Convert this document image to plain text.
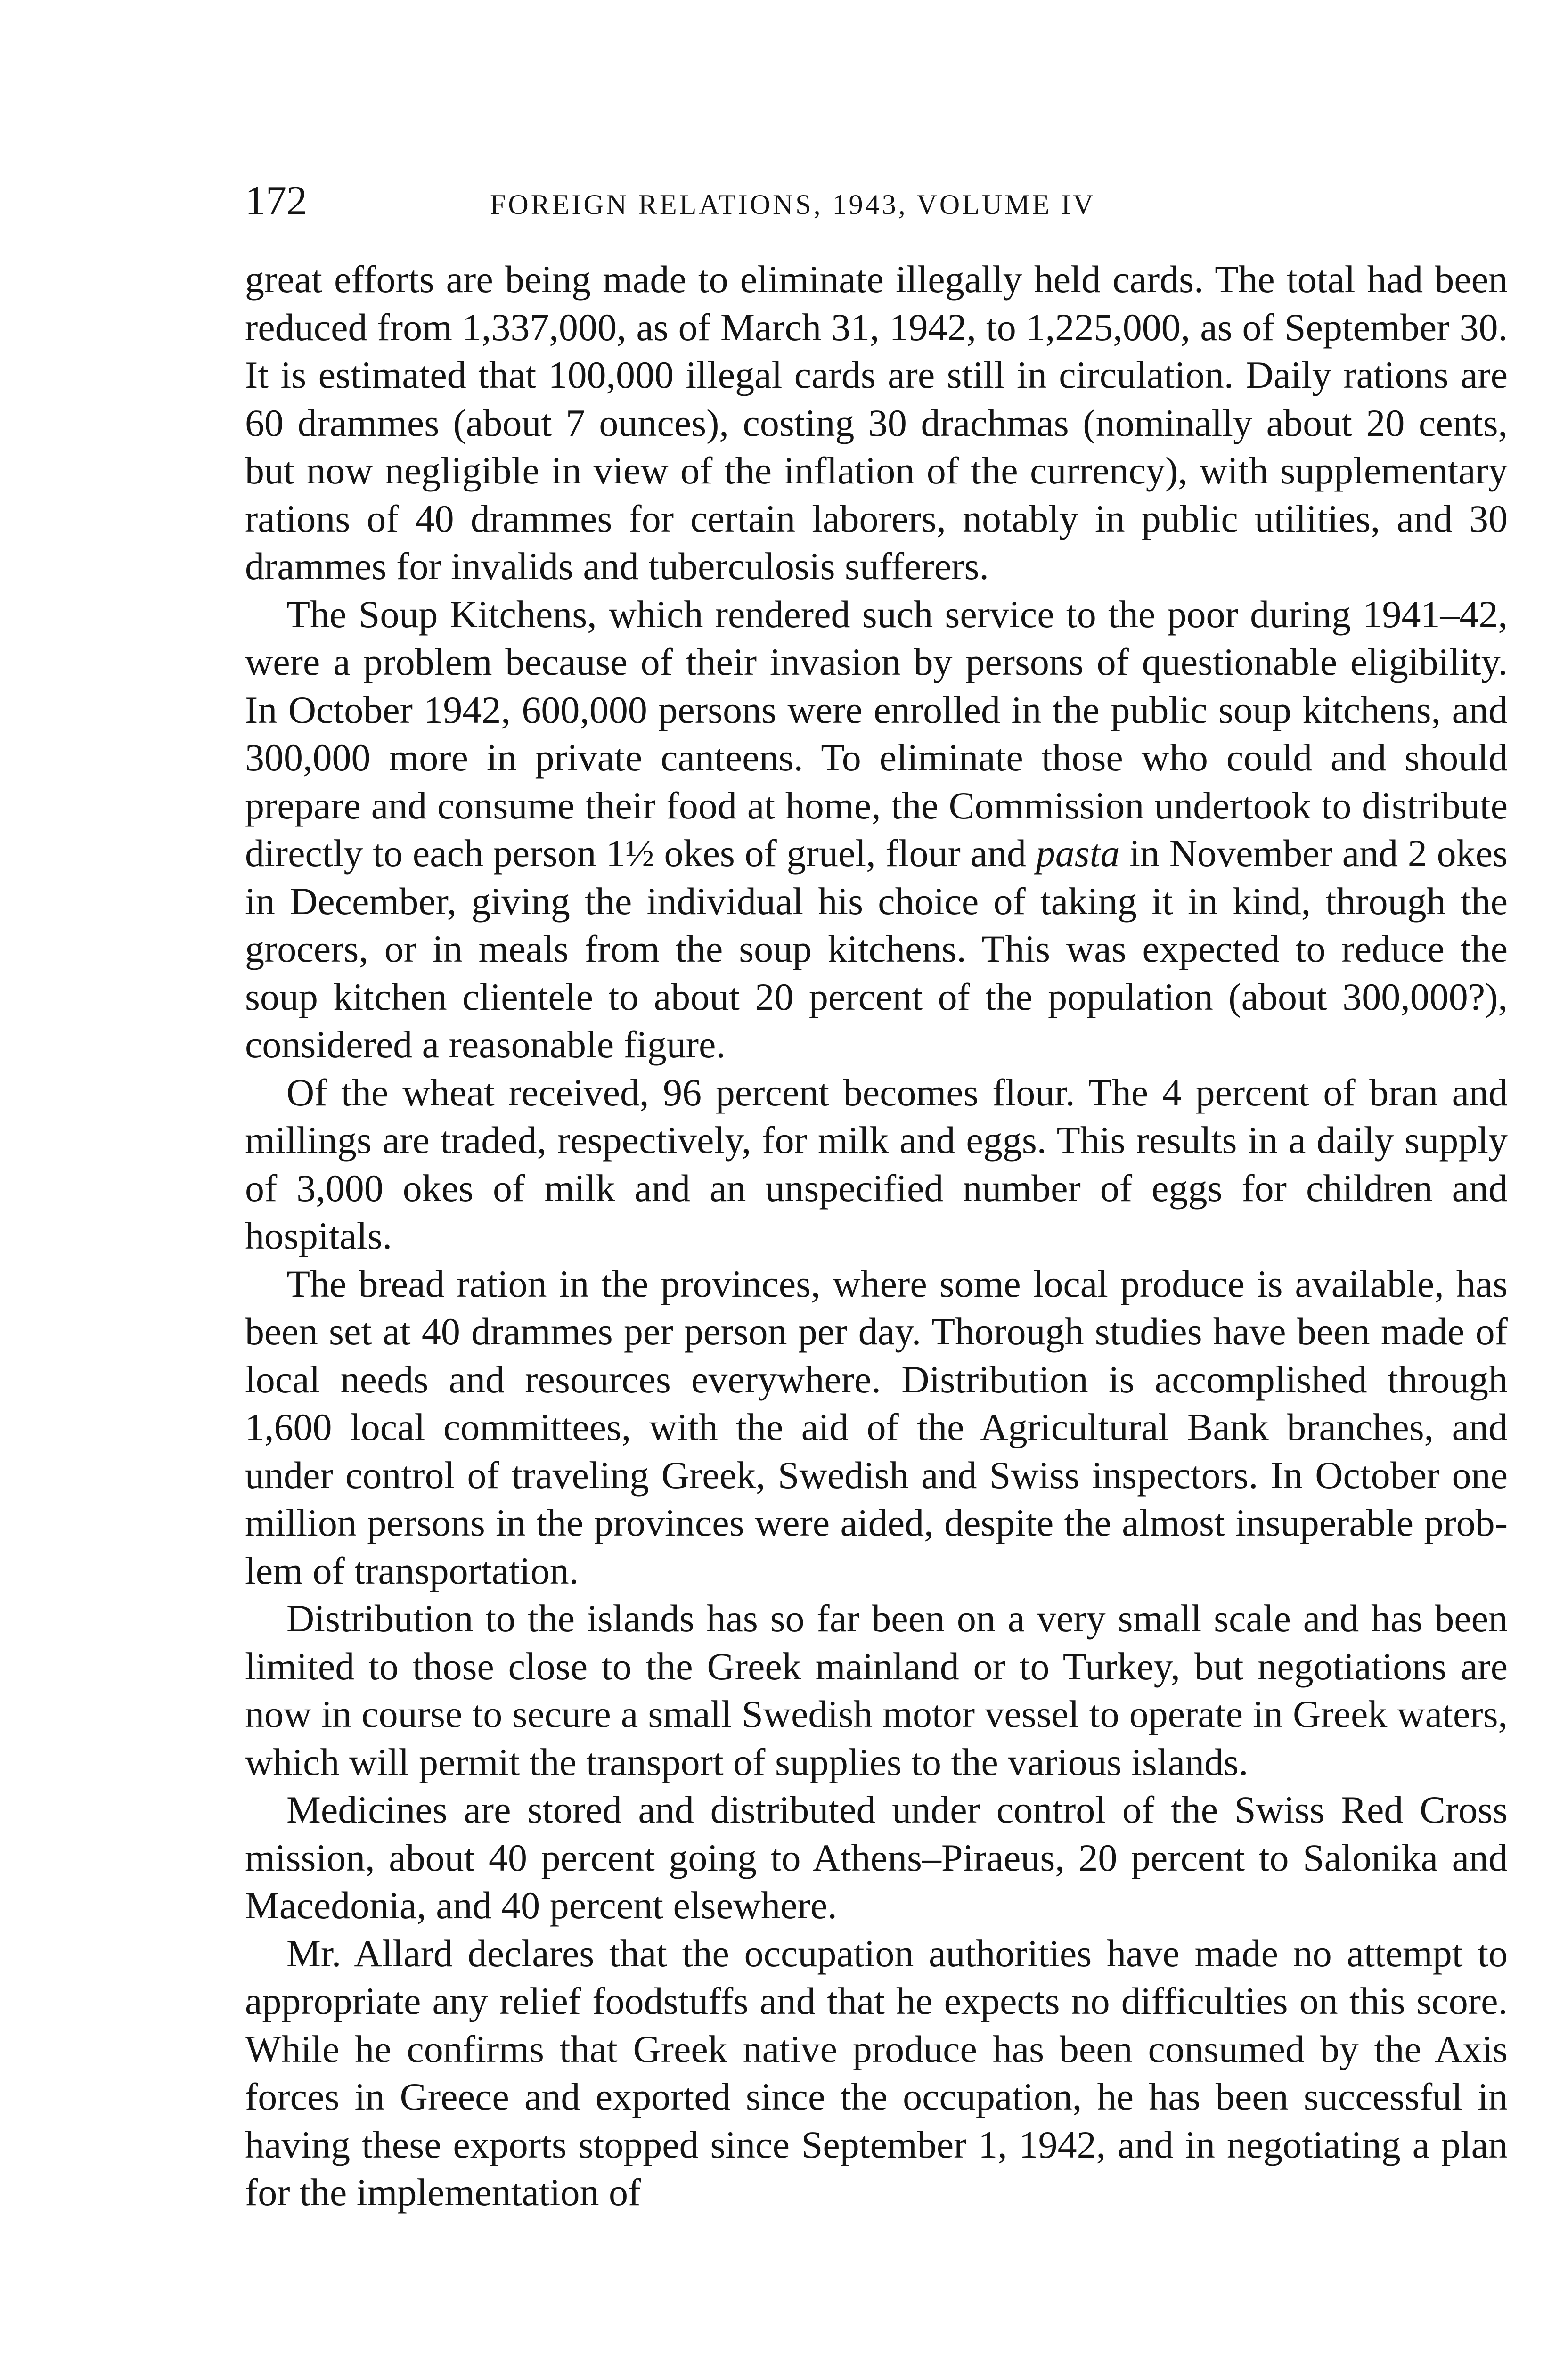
172	FOREIGN RELATIONS, 1943, VOLUME IV

great efforts are being made to eliminate illegally held cards. The total had been reduced from 1,337,000, as of March 31, 1942, to 1,225,000, as of September 30. It is estimated that 100,000 illegal cards are still in circulation. Daily rations are 60 drammes (about 7 ounces), costing 30 drachmas (nominally about 20 cents, but now negligible in view of the inflation of the currency), with supplementary rations of 40 drammes for certain laborers, notably in public utilities, and 30 drammes for invalids and tuberculosis sufferers.

The Soup Kitchens, which rendered such service to the poor during 1941–42, were a problem because of their invasion by persons of questionable eligibility. In October 1942, 600,000 persons were enrolled in the public soup kitchens, and 300,000 more in private canteens. To eliminate those who could and should prepare and consume their food at home, the Commission undertook to distribute directly to each person 1½ okes of gruel, flour and pasta in November and 2 okes in December, giving the individual his choice of taking it in kind, through the grocers, or in meals from the soup kitchens. This was expected to reduce the soup kitchen clientele to about 20 percent of the population (about 300,000?), considered a reasonable figure.

Of the wheat received, 96 percent becomes flour. The 4 percent of bran and millings are traded, respectively, for milk and eggs. This results in a daily supply of 3,000 okes of milk and an unspecified number of eggs for children and hospitals.

The bread ration in the provinces, where some local produce is available, has been set at 40 drammes per person per day. Thorough studies have been made of local needs and resources everywhere. Distribution is accomplished through 1,600 local committees, with the aid of the Agricultural Bank branches, and under control of traveling Greek, Swedish and Swiss inspectors. In October one million persons in the provinces were aided, despite the almost insuperable problem of transportation.

Distribution to the islands has so far been on a very small scale and has been limited to those close to the Greek mainland or to Turkey, but negotiations are now in course to secure a small Swedish motor vessel to operate in Greek waters, which will permit the transport of supplies to the various islands.

Medicines are stored and distributed under control of the Swiss Red Cross mission, about 40 percent going to Athens–Piraeus, 20 percent to Salonika and Macedonia, and 40 percent elsewhere.

Mr. Allard declares that the occupation authorities have made no attempt to appropriate any relief foodstuffs and that he expects no difficulties on this score. While he confirms that Greek native produce has been consumed by the Axis forces in Greece and exported since the occupation, he has been successful in having these exports stopped since September 1, 1942, and in negotiating a plan for the implementation of
